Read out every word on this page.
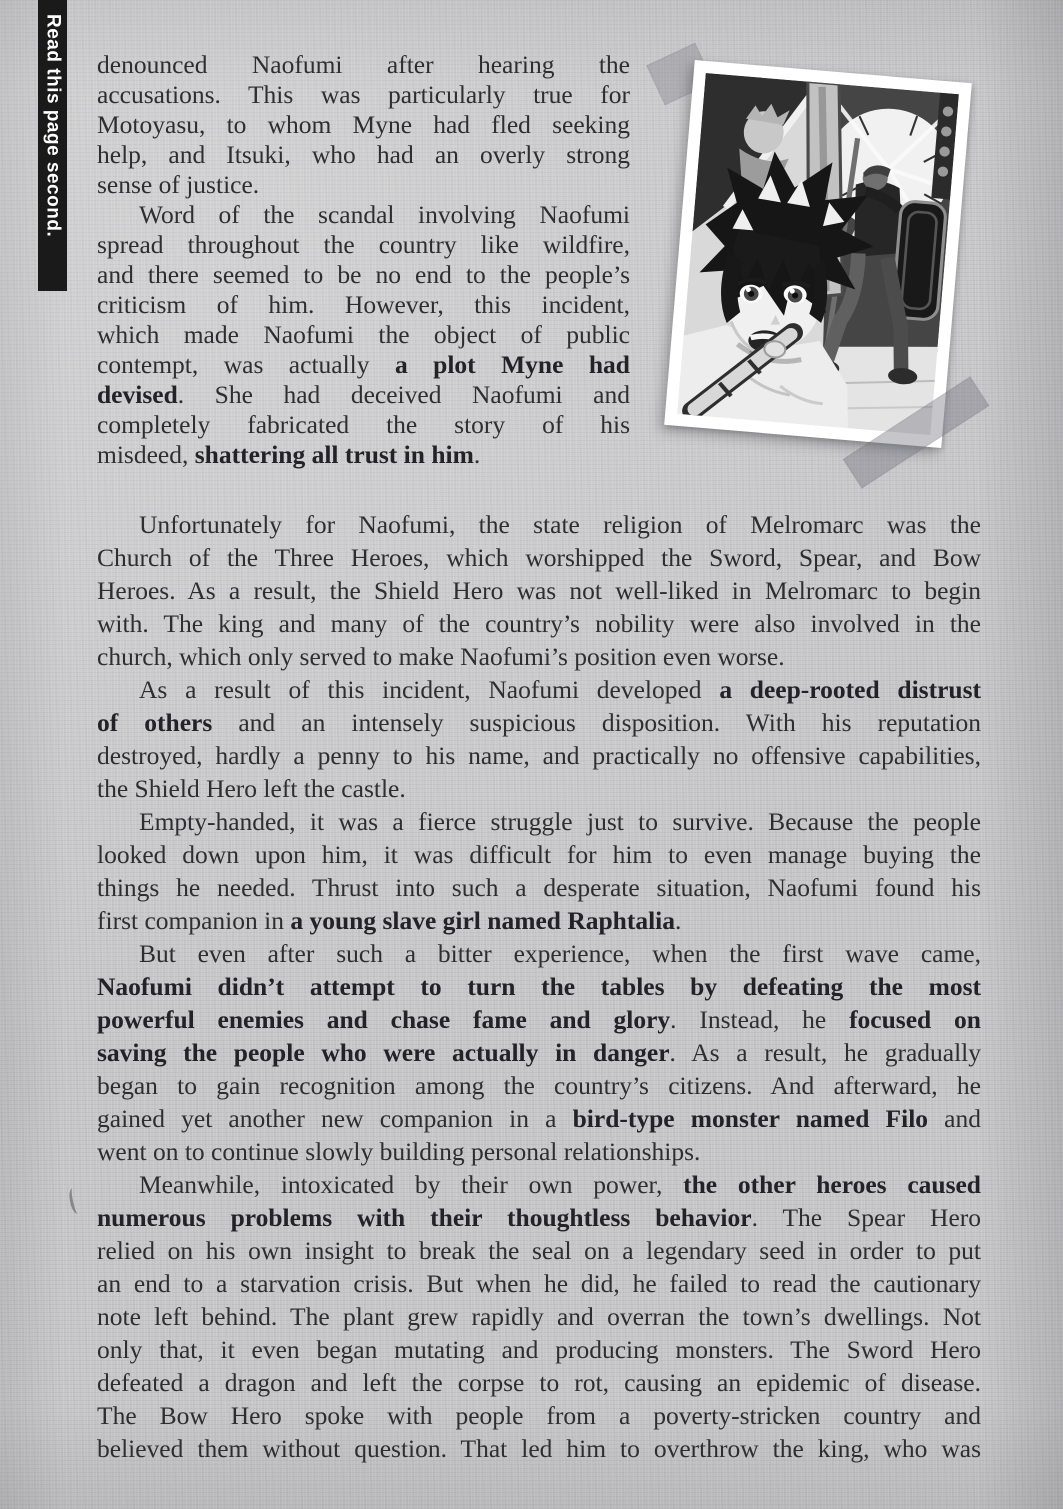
Read this page second. denounced Naofumi after hearing the
accusations. This was particularly true for
Motoyasu, to whom Myne had fled seeking
help, and Itsuki, who had an overly strong
sense of justice.
Word of the scandal involving Naofumi
spread throughout the country like wildfire,
and there seemed to be no end to the people’s
criticism of him. However, this incident,
which made Naofumi the object of public
contempt, was actually a plot Myne had
devised. She had deceived Naofumi and
completely fabricated the story of his
misdeed, shattering all trust in him.
Unfortunately for Naofumi, the state religion of Melromarc was the
Church of the Three Heroes, which worshipped the Sword, Spear, and Bow
Heroes. As a result, the Shield Hero was not well-liked in Melromarc to begin
with. The king and many of the country’s nobility were also involved in the
church, which only served to make Naofumi’s position even worse.
As a result of this incident, Naofumi developed a deep-rooted distrust
of others and an intensely suspicious disposition. With his reputation
destroyed, hardly a penny to his name, and practically no offensive capabilities,
the Shield Hero left the castle.
Empty-handed, it was a fierce struggle just to survive. Because the people
looked down upon him, it was difficult for him to even manage buying the
things he needed. Thrust into such a desperate situation, Naofumi found his
first companion in a young slave girl named Raphtalia.
But even after such a bitter experience, when the first wave came,
Naofumi didn’t attempt to turn the tables by defeating the most
powerful enemies and chase fame and glory. Instead, he focused on
saving the people who were actually in danger. As a result, he gradually
began to gain recognition among the country’s citizens. And afterward, he
gained yet another new companion in a bird-type monster named Filo and
went on to continue slowly building personal relationships.
Meanwhile, intoxicated by their own power, the other heroes caused
numerous problems with their thoughtless behavior. The Spear Hero
relied on his own insight to break the seal on a legendary seed in order to put
an end to a starvation crisis. But when he did, he failed to read the cautionary
note left behind. The plant grew rapidly and overran the town’s dwellings. Not
only that, it even began mutating and producing monsters. The Sword Hero
defeated a dragon and left the corpse to rot, causing an epidemic of disease.
The Bow Hero spoke with people from a poverty-stricken country and
believed them without question. That led him to overthrow the king, who was
